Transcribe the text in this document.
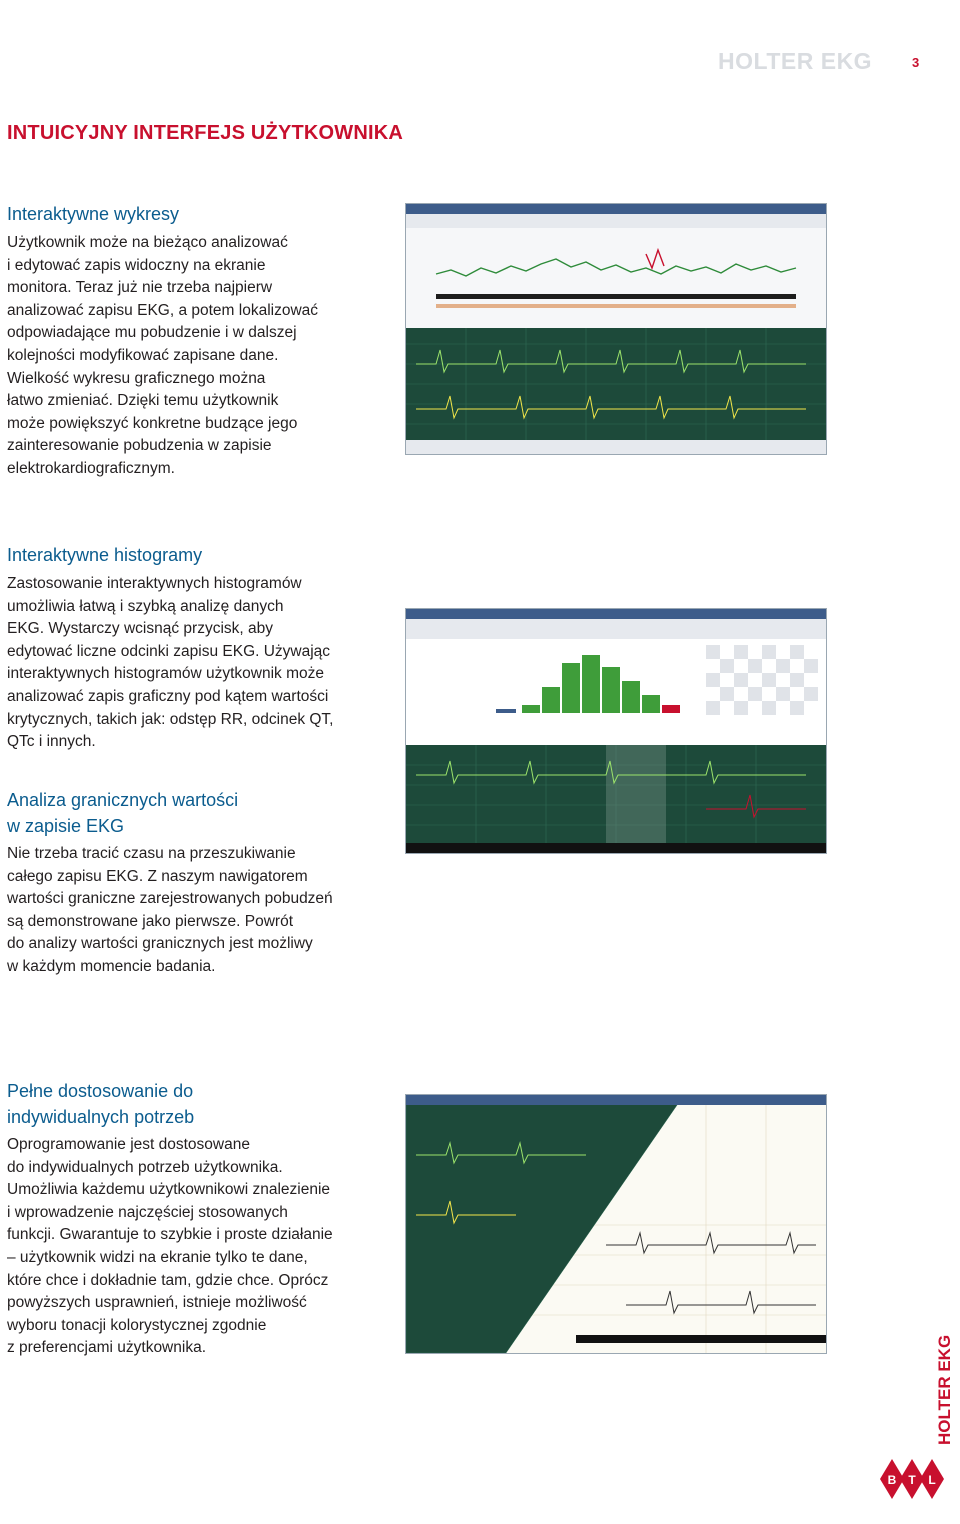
HOLTER EKG	3
INTUICYJNY INTERFEJS UŻYTKOWNIKA
Interaktywne wykresy
Użytkownik może na bieżąco analizować
i edytować zapis widoczny na ekranie
monitora. Teraz już nie trzeba najpierw
analizować zapisu EKG, a potem lokalizować
odpowiadające mu pobudzenie i w dalszej
kolejności modyfikować zapisane dane.
Wielkość wykresu graficznego można
łatwo zmieniać. Dzięki temu użytkownik
może powiększyć konkretne budzące jego
zainteresowanie pobudzenia w zapisie
elektrokardiograficznym.
Interaktywne histogramy
Zastosowanie interaktywnych histogramów
umożliwia łatwą i szybką analizę danych
EKG. Wystarczy wcisnąć przycisk, aby
edytować liczne odcinki zapisu EKG. Używając
interaktywnych histogramów użytkownik może
analizować zapis graficzny pod kątem wartości
krytycznych, takich jak: odstęp RR, odcinek QT,
QTc i innych.
Analiza granicznych wartości
w zapisie EKG
Nie trzeba tracić czasu na przeszukiwanie
całego zapisu EKG. Z naszym nawigatorem
wartości graniczne zarejestrowanych pobudzeń
są demonstrowane jako pierwsze. Powrót
do analizy wartości granicznych jest możliwy
w każdym momencie badania.
Pełne dostosowanie do
indywidualnych potrzeb
Oprogramowanie jest dostosowane
do indywidualnych potrzeb użytkownika.
Umożliwia każdemu użytkownikowi znalezienie
i wprowadzenie najczęściej stosowanych
funkcji. Gwarantuje to szybkie i proste działanie
– użytkownik widzi na ekranie tylko te dane,
które chce i dokładnie tam, gdzie chce. Oprócz
powyższych usprawnień, istnieje możliwość
wyboru tonacji kolorystycznej zgodnie
z preferencjami użytkownika.	HOLTER EKG
B T L
